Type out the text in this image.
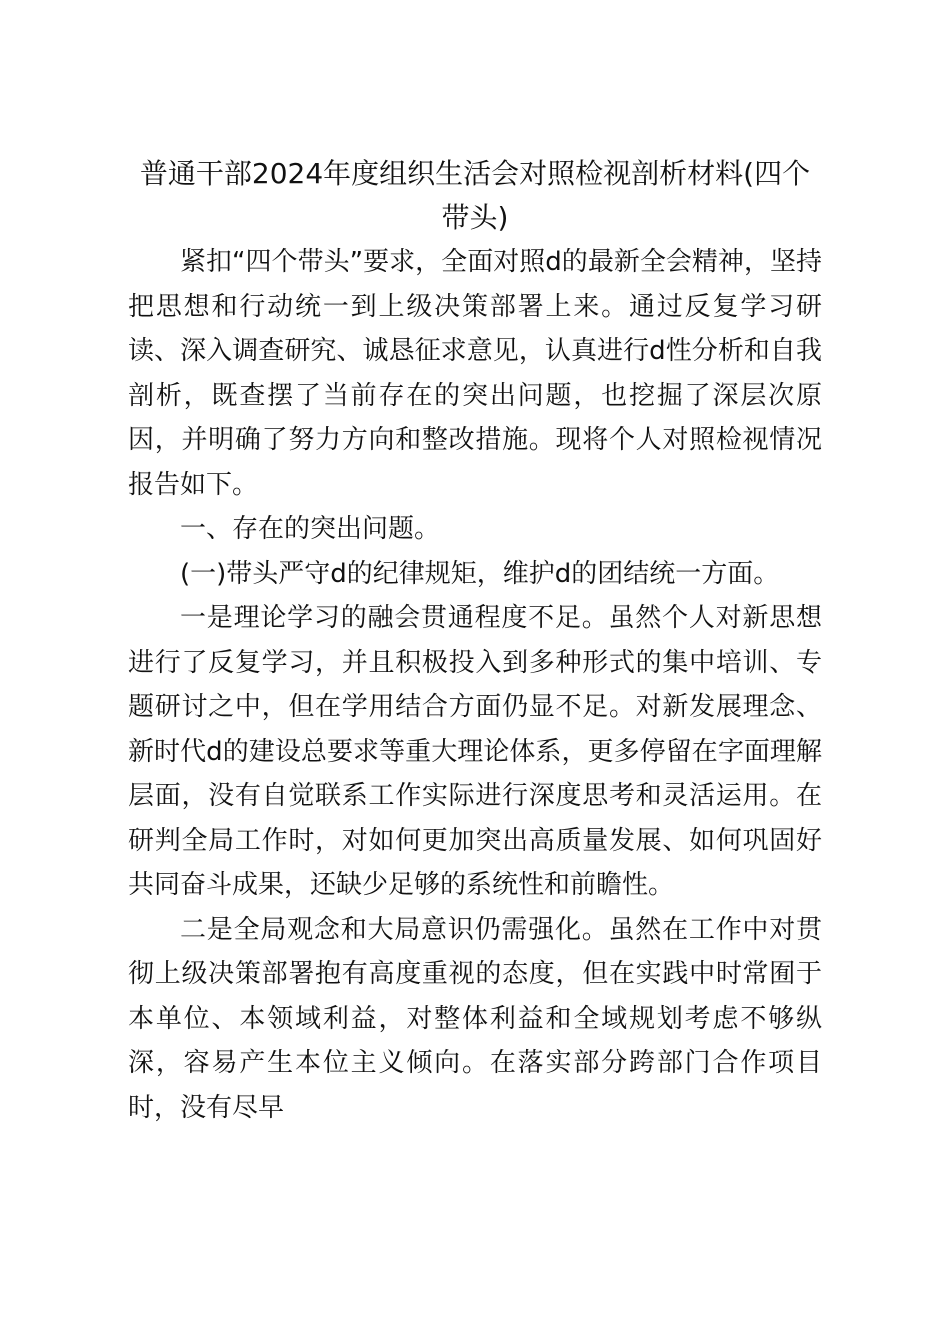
普通干部2024年度组织生活会对照检视剖析材料(四个带头)

紧扣“四个带头”要求，全面对照d的最新全会精神，坚持把思想和行动统一到上级决策部署上来。通过反复学习研读、深入调查研究、诚恳征求意见，认真进行d性分析和自我剖析，既查摆了当前存在的突出问题，也挖掘了深层次原因，并明确了努力方向和整改措施。现将个人对照检视情况报告如下。

一、存在的突出问题。

(一)带头严守d的纪律规矩，维护d的团结统一方面。

一是理论学习的融会贯通程度不足。虽然个人对新思想进行了反复学习，并且积极投入到多种形式的集中培训、专题研讨之中，但在学用结合方面仍显不足。对新发展理念、新时代d的建设总要求等重大理论体系，更多停留在字面理解层面，没有自觉联系工作实际进行深度思考和灵活运用。在研判全局工作时，对如何更加突出高质量发展、如何巩固好共同奋斗成果，还缺少足够的系统性和前瞻性。

二是全局观念和大局意识仍需强化。虽然在工作中对贯彻上级决策部署抱有高度重视的态度，但在实践中时常囿于本单位、本领域利益，对整体利益和全域规划考虑不够纵深，容易产生本位主义倾向。在落实部分跨部门合作项目时，没有尽早
